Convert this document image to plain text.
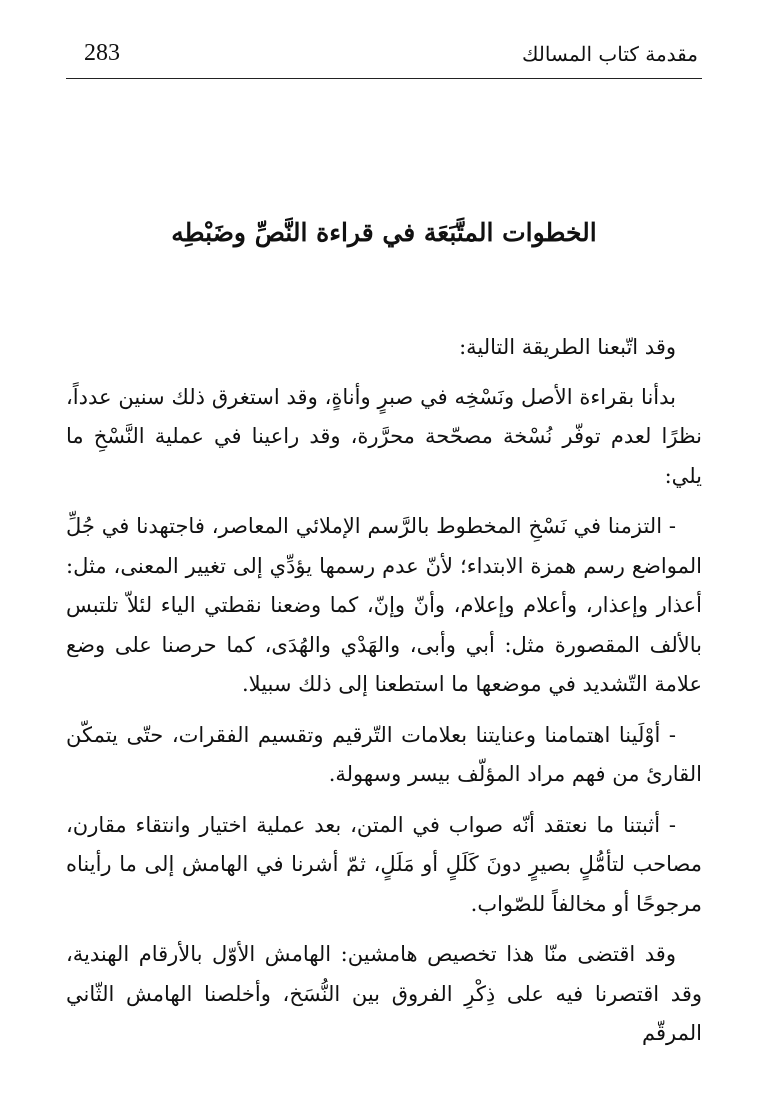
283	مقدمة كتاب المسالك
الخطوات المتَّبَعَة في قراءة النَّصِّ وضَبْطِه

وقد اتّبعنا الطريقة التالية:

بدأنا بقراءة الأصل ونَسْخِه في صبرٍ وأناةٍ، وقد استغرق ذلك سنين عدداً، نظرًا لعدم توفّر نُسْخة مصحّحة محرَّرة، وقد راعينا في عملية النَّسْخِ ما يلي:

- التزمنا في نَسْخِ المخطوط بالرَّسم الإملائي المعاصر، فاجتهدنا في جُلِّ المواضع رسم همزة الابتداء؛ لأنّ عدم رسمها يؤدِّي إلى تغيير المعنى، مثل: أعذار وإعذار، وأعلام وإعلام، وأنّ وإنّ، كما وضعنا نقطتي الياء لئلاّ تلتبس بالألف المقصورة مثل: أبي وأبى، والهَدْي والهُدَى، كما حرصنا على وضع علامة التّشديد في موضعها ما استطعنا إلى ذلك سبيلا.

- أوْلَينا اهتمامنا وعنايتنا بعلامات التّرقيم وتقسيم الفقرات، حتّى يتمكّن القارئ من فهم مراد المؤلّف بيسر وسهولة.

- أثبتنا ما نعتقد أنّه صواب في المتن، بعد عملية اختيار وانتقاء مقارن، مصاحب لتأمُّلٍ بصيرٍ دونَ كَلَلٍ أو مَلَلٍ، ثمّ أشرنا في الهامش إلى ما رأيناه مرجوحًا أو مخالفاً للصّواب.

وقد اقتضى منّا هذا تخصيص هامشين: الهامش الأوّل بالأرقام الهندية، وقد اقتصرنا فيه على ذِكْرِ الفروق بين النُّسَخ، وأخلصنا الهامش الثّاني المرقّم
